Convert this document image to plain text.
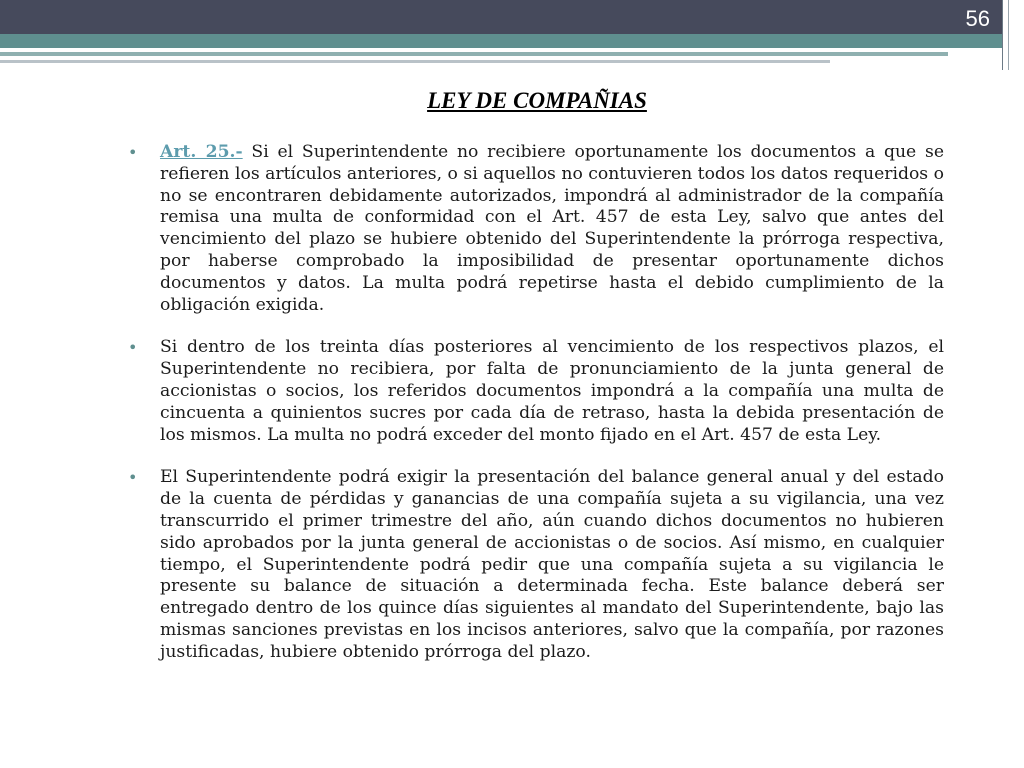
56
LEY DE COMPAÑIAS
• Art. 25.- Si el Superintendente no recibiere oportunamente los documentos a que se refieren los artículos anteriores, o si aquellos no contuvieren todos los datos requeridos o no se encontraren debidamente autorizados, impondrá al administrador de la compañía remisa una multa de conformidad con el Art. 457 de esta Ley, salvo que antes del vencimiento del plazo se hubiere obtenido del Superintendente la prórroga respectiva, por haberse comprobado la imposibilidad de presentar oportunamente dichos documentos y datos. La multa podrá repetirse hasta el debido cumplimiento de la obligación exigida.
• Si dentro de los treinta días posteriores al vencimiento de los respectivos plazos, el Superintendente no recibiera, por falta de pronunciamiento de la junta general de accionistas o socios, los referidos documentos impondrá a la compañía una multa de cincuenta a quinientos sucres por cada día de retraso, hasta la debida presentación de los mismos. La multa no podrá exceder del monto fijado en el Art. 457 de esta Ley.
• El Superintendente podrá exigir la presentación del balance general anual y del estado de la cuenta de pérdidas y ganancias de una compañía sujeta a su vigilancia, una vez transcurrido el primer trimestre del año, aún cuando dichos documentos no hubieren sido aprobados por la junta general de accionistas o de socios. Así mismo, en cualquier tiempo, el Superintendente podrá pedir que una compañía sujeta a su vigilancia le presente su balance de situación a determinada fecha. Este balance deberá ser entregado dentro de los quince días siguientes al mandato del Superintendente, bajo las mismas sanciones previstas en los incisos anteriores, salvo que la compañía, por razones justificadas, hubiere obtenido prórroga del plazo.
